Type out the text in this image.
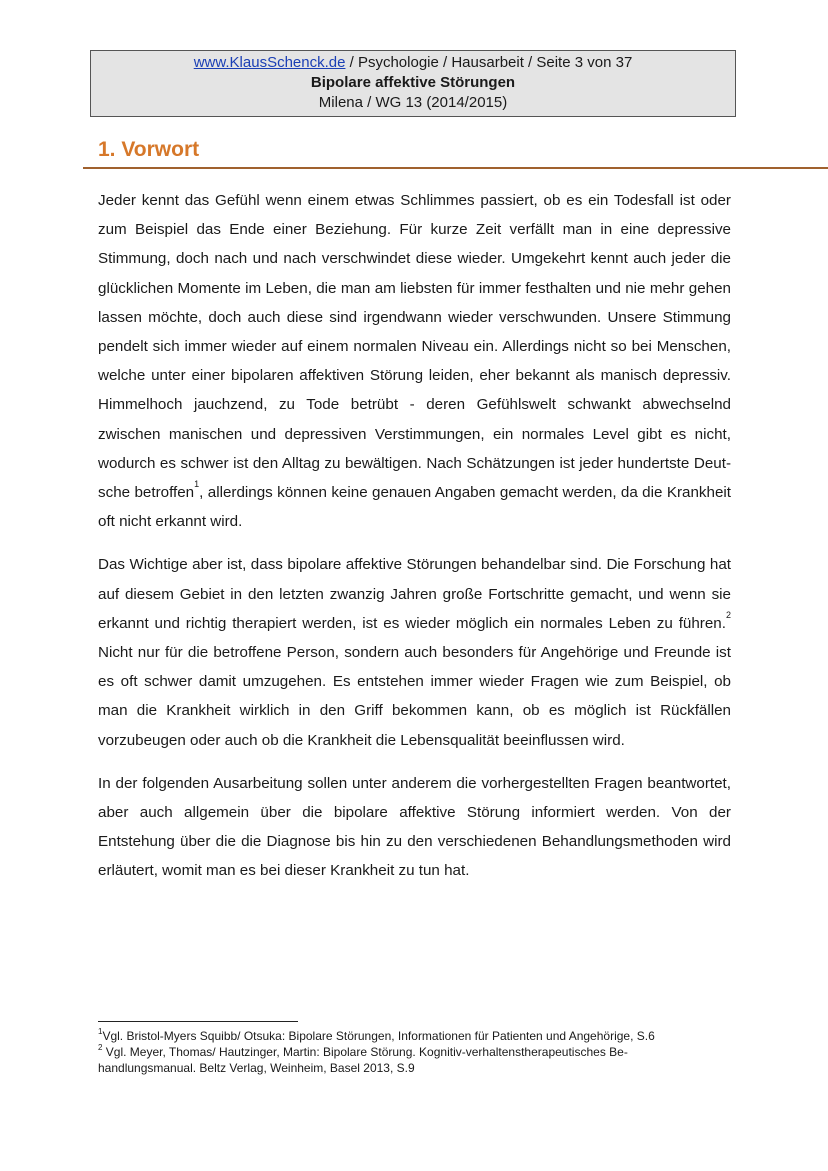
www.KlausSchenck.de / Psychologie / Hausarbeit / Seite 3 von 37
Bipolare affektive Störungen
Milena / WG 13 (2014/2015)
1. Vorwort

Jeder kennt das Gefühl wenn einem etwas Schlimmes passiert, ob es ein Todesfall ist oder zum Beispiel das Ende einer Beziehung. Für kurze Zeit verfällt man in eine depressive Stimmung, doch nach und nach verschwindet diese wieder. Umgekehrt kennt auch jeder die glücklichen Momente im Leben, die man am liebsten für immer festhalten und nie mehr gehen lassen möchte, doch auch diese sind irgendwann wieder verschwunden. Unsere Stimmung pendelt sich immer wieder auf einem normalen Niveau ein. Allerdings nicht so bei Menschen, welche unter einer bipolaren affektiven Störung leiden, eher bekannt als manisch depressiv. Himmelhoch jauchzend, zu Tode betrübt - deren Gefühlswelt schwankt abwechselnd zwischen manischen und depressiven Verstimmungen, ein normales Level gibt es nicht, wodurch es schwer ist den Alltag zu bewältigen. Nach Schätzungen ist jeder hundertste Deutsche betroffen$^1$, allerdings können keine genauen Angaben gemacht werden, da die Krankheit oft nicht erkannt wird.

Das Wichtige aber ist, dass bipolare affektive Störungen behandelbar sind. Die Forschung hat auf diesem Gebiet in den letzten zwanzig Jahren große Fortschritte gemacht, und wenn sie erkannt und richtig therapiert werden, ist es wieder möglich ein normales Leben zu führen.$^2$ Nicht nur für die betroffene Person, sondern auch besonders für Angehörige und Freunde ist es oft schwer damit umzugehen. Es entstehen immer wieder Fragen wie zum Beispiel, ob man die Krankheit wirklich in den Griff bekommen kann, ob es möglich ist Rückfällen vorzubeugen oder auch ob die Krankheit die Lebensqualität beeinflussen wird.

In der folgenden Ausarbeitung sollen unter anderem die vorhergestellten Fragen beantwortet, aber auch allgemein über die bipolare affektive Störung informiert werden. Von der Entstehung über die die Diagnose bis hin zu den verschiedenen Behandlungsmethoden wird erläutert, womit man es bei dieser Krankheit zu tun hat.

$^1$Vgl. Bristol-Myers Squibb/ Otsuka: Bipolare Störungen, Informationen für Patienten und Angehörige, S.6

$^2$ Vgl. Meyer, Thomas/ Hautzinger, Martin: Bipolare Störung. Kognitiv-verhaltenstherapeutisches Behandlungsmanual. Beltz Verlag, Weinheim, Basel 2013, S.9
